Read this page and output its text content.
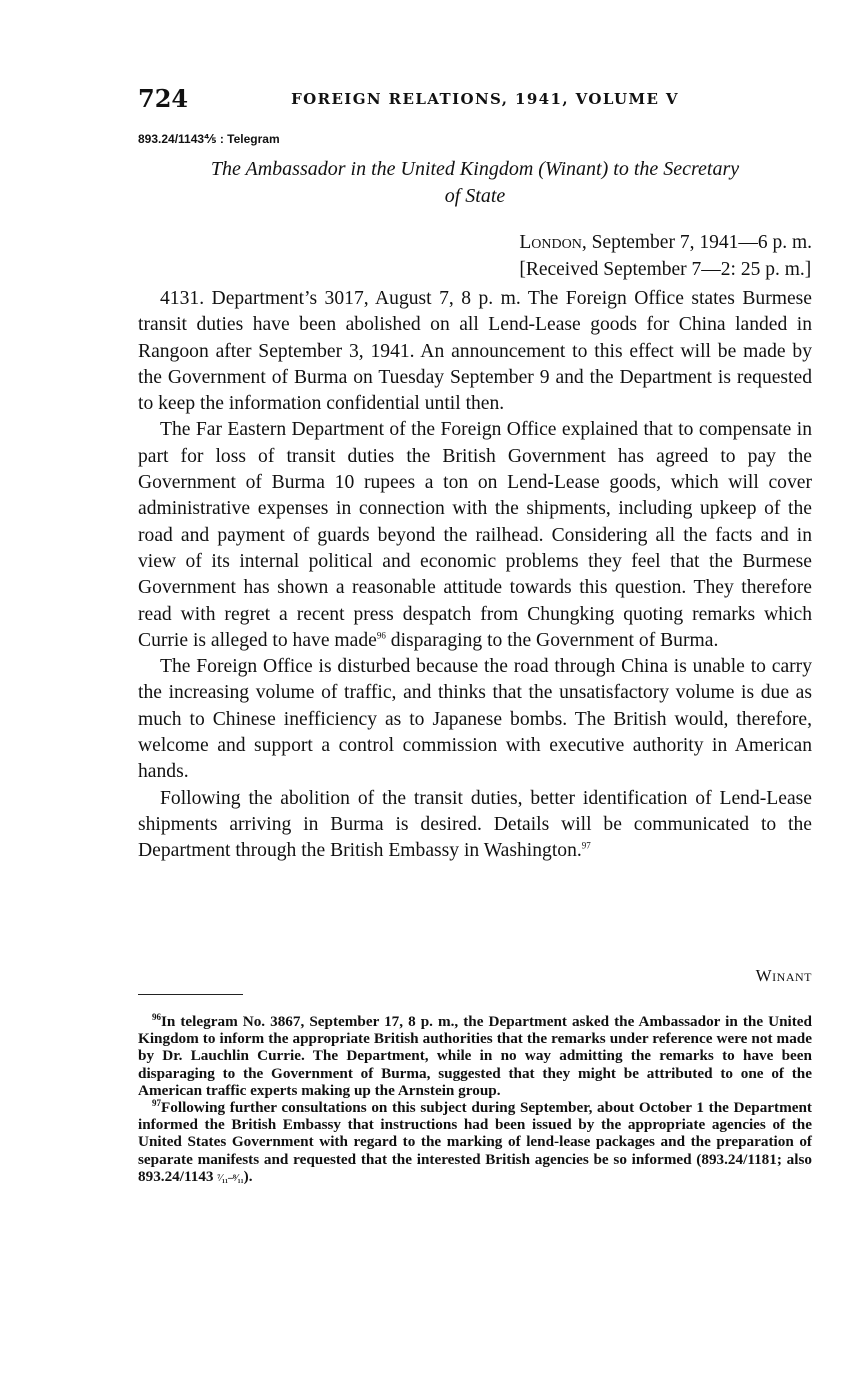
724	FOREIGN RELATIONS, 1941, VOLUME V
893.24/1143⅘ : Telegram
The Ambassador in the United Kingdom (Winant) to the Secretary
of State
London, September 7, 1941—6 p. m.
[Received September 7—2: 25 p. m.]

4131. Department’s 3017, August 7, 8 p. m. The Foreign Office states Burmese transit duties have been abolished on all Lend-Lease goods for China landed in Rangoon after September 3, 1941. An announcement to this effect will be made by the Government of Burma on Tuesday September 9 and the Department is requested to keep the information confidential until then.

The Far Eastern Department of the Foreign Office explained that to compensate in part for loss of transit duties the British Government has agreed to pay the Government of Burma 10 rupees a ton on Lend-Lease goods, which will cover administrative expenses in connection with the shipments, including upkeep of the road and payment of guards beyond the railhead. Considering all the facts and in view of its internal political and economic problems they feel that the Burmese Government has shown a reasonable attitude towards this question. They therefore read with regret a recent press despatch from Chungking quoting remarks which Currie is alleged to have made$^{96}$ disparaging to the Government of Burma.

The Foreign Office is disturbed because the road through China is unable to carry the increasing volume of traffic, and thinks that the unsatisfactory volume is due as much to Chinese inefficiency as to Japanese bombs. The British would, therefore, welcome and support a control commission with executive authority in American hands.

Following the abolition of the transit duties, better identification of Lend-Lease shipments arriving in Burma is desired. Details will be communicated to the Department through the British Embassy in Washington.$^{97}$

Winant

$^{96}$In telegram No. 3867, September 17, 8 p. m., the Department asked the Ambassador in the United Kingdom to inform the appropriate British authorities that the remarks under reference were not made by Dr. Lauchlin Currie. The Department, while in no way admitting the remarks to have been disparaging to the Government of Burma, suggested that they might be attributed to one of the American traffic experts making up the Arnstein group.

$^{97}$Following further consultations on this subject during September, about October 1 the Department informed the British Embassy that instructions had been issued by the appropriate agencies of the United States Government with regard to the marking of lend-lease packages and the preparation of separate manifests and requested that the interested British agencies be so informed (893.24/1181; also 893.24/1143 ⁷⁄₁₁–⁸⁄₁₁).
